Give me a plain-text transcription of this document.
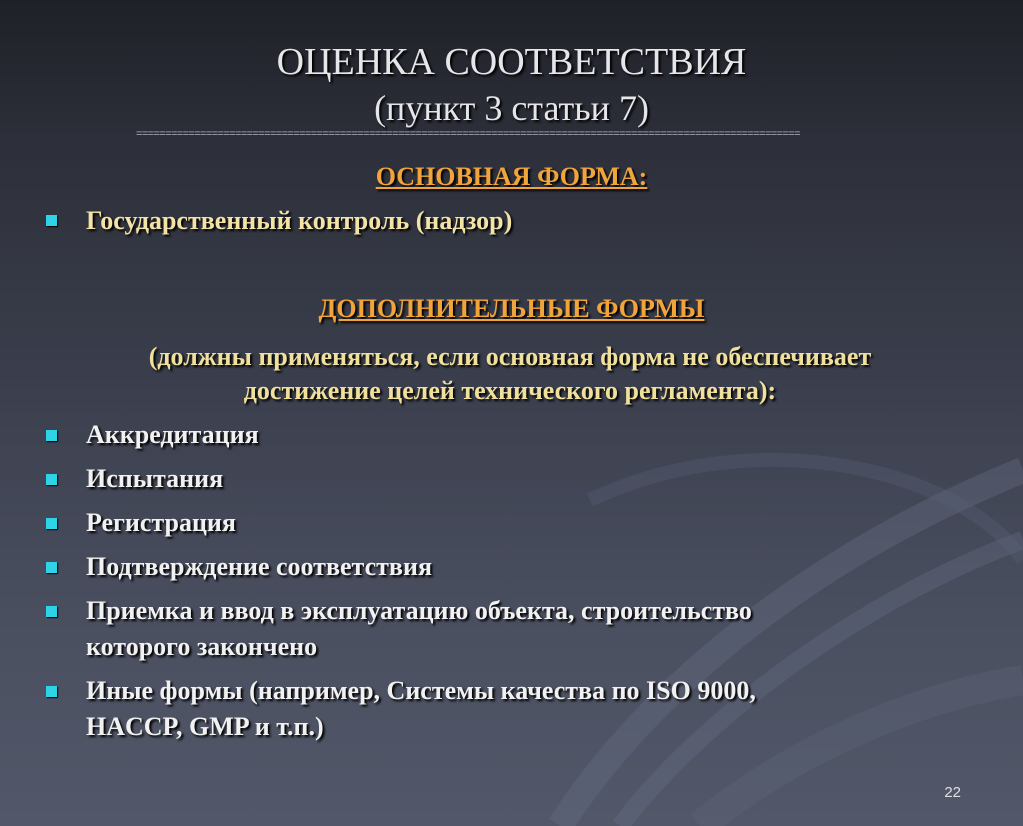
ОЦЕНКА СООТВЕТСТВИЯ
(пункт 3 статьи 7)
==================================================================================================================
ОСНОВНАЯ ФОРМА:
Государственный контроль (надзор)
ДОПОЛНИТЕЛЬНЫЕ ФОРМЫ
(должны применяться, если основная форма не обеспечивает
достижение целей технического регламента):
Аккредитация
Испытания
Регистрация
Подтверждение соответствия
Приемка и ввод в эксплуатацию объекта, строительство
которого закончено
Иные формы (например, Системы качества по ISO 9000,
HACCP, GMP и т.п.)
22
